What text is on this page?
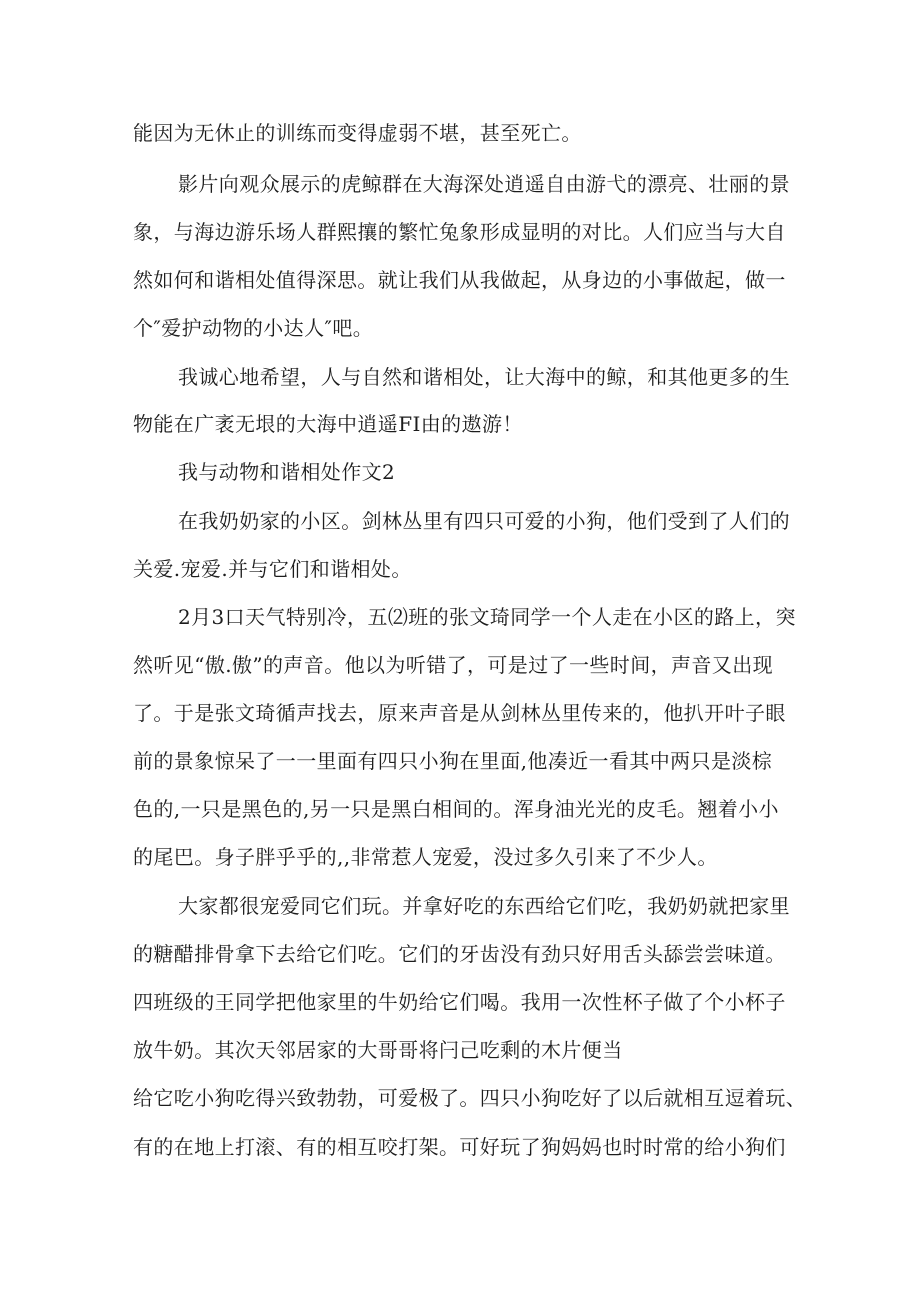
能因为无休止的训练而变得虚弱不堪，甚至死亡。
影片向观众展示的虎鲸群在大海深处逍遥自由游弋的漂亮、壮丽的景
象，与海边游乐场人群熙攘的繁忙兔象形成显明的对比。人们应当与大自
然如何和谐相处值得深思。就让我们从我做起，从身边的小事做起，做一
个″爱护动物的小达人″吧。
我诚心地希望，人与自然和谐相处，让大海中的鲸，和其他更多的生
物能在广袤无垠的大海中逍遥FI由的遨游！
我与动物和谐相处作文2
在我奶奶家的小区。剑林丛里有四只可爱的小狗，他们受到了人们的
关爱.宠爱.并与它们和谐相处。
2月3口天气特别冷，五⑵班的张文琦同学一个人走在小区的路上，突
然听见“傲.傲”的声音。他以为听错了，可是过了一些时间，声音又出现
了。于是张文琦循声找去，原来声音是从剑林丛里传来的，他扒开叶子眼
前的景象惊呆了一一里面有四只小狗在里面,他凑近一看其中两只是淡棕
色的,一只是黑色的,另一只是黑白相间的。浑身油光光的皮毛。翘着小小
的尾巴。身子胖乎乎的,,非常惹人宠爱，没过多久引来了不少人。
大家都很宠爱同它们玩。并拿好吃的东西给它们吃，我奶奶就把家里
的糖醋排骨拿下去给它们吃。它们的牙齿没有劲只好用舌头舔尝尝味道。
四班级的王同学把他家里的牛奶给它们喝。我用一次性杯子做了个小杯子
放牛奶。其次天邻居家的大哥哥将闩己吃剩的木片便当
给它吃小狗吃得兴致勃勃，可爱极了。四只小狗吃好了以后就相互逗着玩、
有的在地上打滚、有的相互咬打架。可好玩了狗妈妈也时时常的给小狗们
